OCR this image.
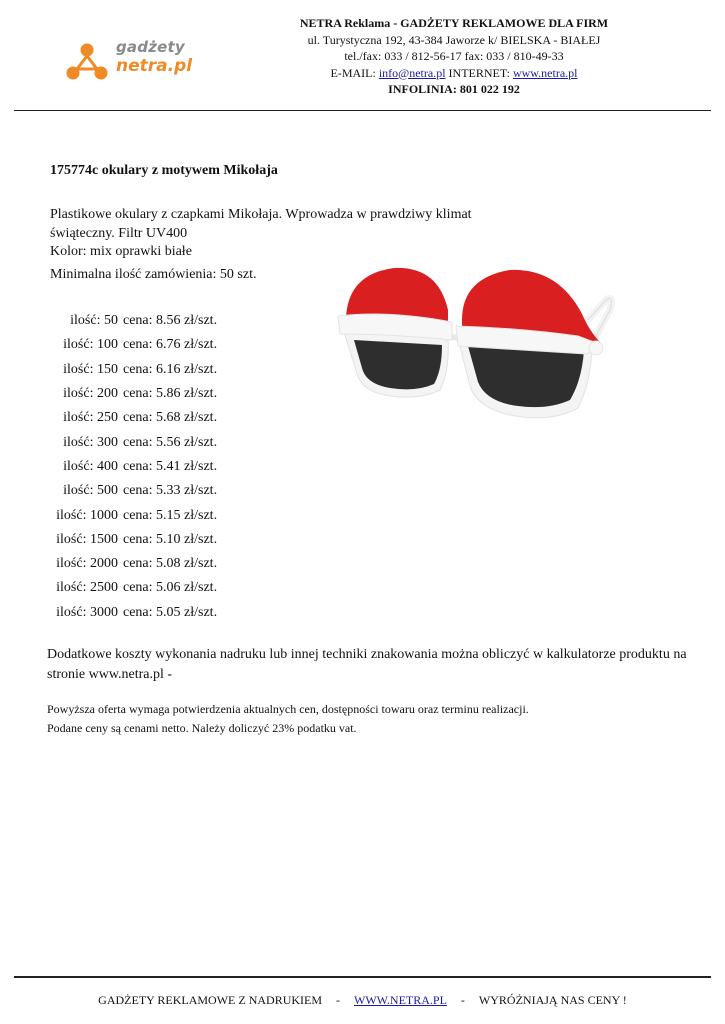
gadżety
netra.pl
NETRA Reklama - GADŻETY REKLAMOWE DLA FIRM
ul. Turystyczna 192, 43-384 Jaworze k/ BIELSKA - BIAŁEJ
tel./fax: 033 / 812-56-17 fax: 033 / 810-49-33
E-MAIL: info@netra.pl INTERNET: www.netra.pl
INFOLINIA: 801 022 192
175774c okulary z motywem Mikołaja
Plastikowe okulary z czapkami Mikołaja. Wprowadza w prawdziwy klimat świąteczny. Filtr UV400
Kolor: mix oprawki białe
Minimalna ilość zamówienia: 50 szt.
ilość: 50 cena: 8.56 zł/szt.
ilość: 100 cena: 6.76 zł/szt.
ilość: 150 cena: 6.16 zł/szt.
ilość: 200 cena: 5.86 zł/szt.
ilość: 250 cena: 5.68 zł/szt.
ilość: 300 cena: 5.56 zł/szt.
ilość: 400 cena: 5.41 zł/szt.
ilość: 500 cena: 5.33 zł/szt.
ilość: 1000 cena: 5.15 zł/szt.
ilość: 1500 cena: 5.10 zł/szt.
ilość: 2000 cena: 5.08 zł/szt.
ilość: 2500 cena: 5.06 zł/szt.
ilość: 3000 cena: 5.05 zł/szt.
Dodatkowe koszty wykonania nadruku lub innej techniki znakowania można obliczyć w kalkulatorze produktu na stronie www.netra.pl -
Powyższa oferta wymaga potwierdzenia aktualnych cen, dostępności towaru oraz terminu realizacji.
Podane ceny są cenami netto. Należy doliczyć 23% podatku vat.
GADŻETY REKLAMOWE Z NADRUKIEM - WWW.NETRA.PL - WYRÓŻNIAJĄ NAS CENY !
